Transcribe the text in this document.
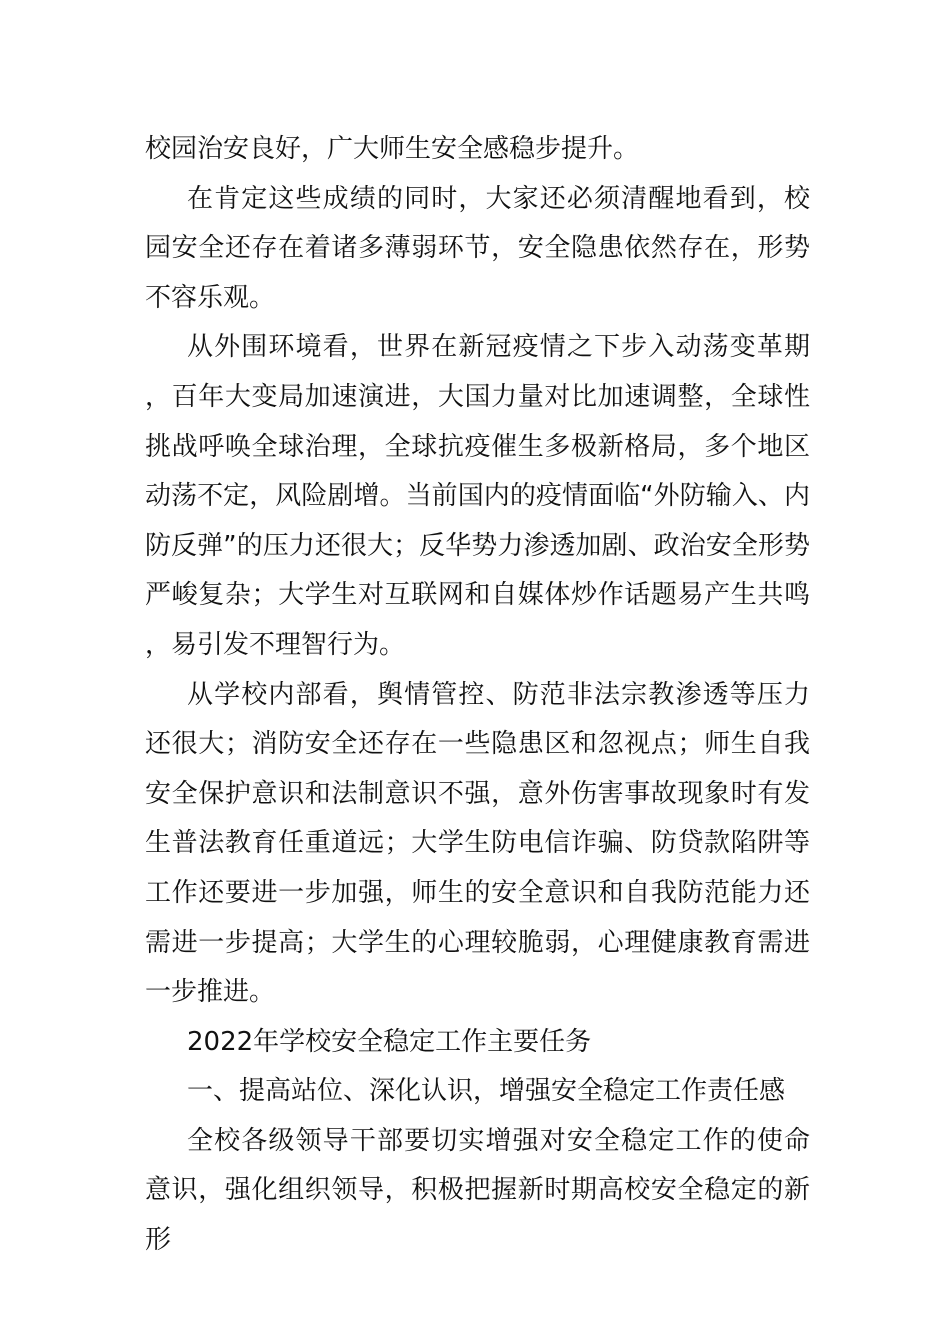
校园治安良好，广大师生安全感稳步提升。

在肯定这些成绩的同时，大家还必须清醒地看到，校园安全还存在着诸多薄弱环节，安全隐患依然存在，形势不容乐观。

从外围环境看，世界在新冠疫情之下步入动荡变革期，百年大变局加速演进，大国力量对比加速调整，全球性挑战呼唤全球治理，全球抗疫催生多极新格局，多个地区动荡不定，风险剧增。当前国内的疫情面临“外防输入、内防反弹”的压力还很大；反华势力渗透加剧、政治安全形势严峻复杂；大学生对互联网和自媒体炒作话题易产生共鸣，易引发不理智行为。

从学校内部看，舆情管控、防范非法宗教渗透等压力还很大；消防安全还存在一些隐患区和忽视点；师生自我安全保护意识和法制意识不强，意外伤害事故现象时有发生普法教育任重道远；大学生防电信诈骗、防贷款陷阱等工作还要进一步加强，师生的安全意识和自我防范能力还需进一步提高；大学生的心理较脆弱，心理健康教育需进一步推进。

2022年学校安全稳定工作主要任务

一、提高站位、深化认识，增强安全稳定工作责任感

全校各级领导干部要切实增强对安全稳定工作的使命意识，强化组织领导，积极把握新时期高校安全稳定的新形
